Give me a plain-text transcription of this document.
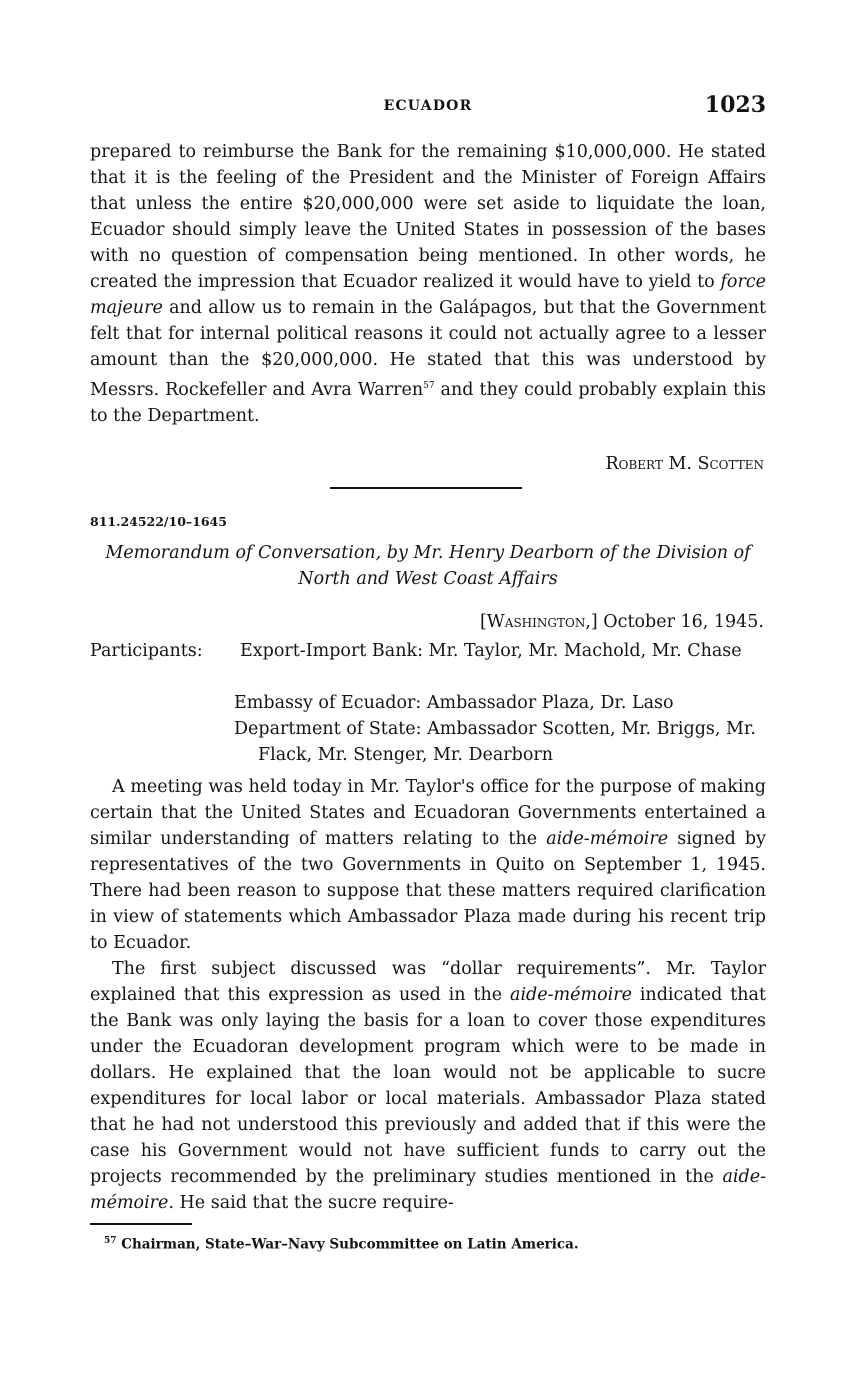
ECUADOR	1023

prepared to reimburse the Bank for the remaining $10,000,000. He stated that it is the feeling of the President and the Minister of Foreign Affairs that unless the entire $20,000,000 were set aside to liquidate the loan, Ecuador should simply leave the United States in possession of the bases with no question of compensation being mentioned. In other words, he created the impression that Ecuador realized it would have to yield to force majeure and allow us to remain in the Galápagos, but that the Government felt that for internal political reasons it could not actually agree to a lesser amount than the $20,000,000. He stated that this was understood by Messrs. Rockefeller and Avra Warren$^{57}$ and they could probably explain this to the Department.

Robert M. Scotten
811.24522/10–1645

Memorandum of Conversation, by Mr. Henry Dearborn of the Division of North and West Coast Affairs

[Washington,] October 16, 1945.
Participants: Export-Import Bank: Mr. Taylor, Mr. Machold, Mr. Chase
Embassy of Ecuador: Ambassador Plaza, Dr. Laso
Department of State: Ambassador Scotten, Mr. Briggs, Mr. Flack, Mr. Stenger, Mr. Dearborn

A meeting was held today in Mr. Taylor's office for the purpose of making certain that the United States and Ecuadoran Governments entertained a similar understanding of matters relating to the aide-mémoire signed by representatives of the two Governments in Quito on September 1, 1945. There had been reason to suppose that these matters required clarification in view of statements which Ambassador Plaza made during his recent trip to Ecuador.

The first subject discussed was “dollar requirements”. Mr. Taylor explained that this expression as used in the aide-mémoire indicated that the Bank was only laying the basis for a loan to cover those expenditures under the Ecuadoran development program which were to be made in dollars. He explained that the loan would not be applicable to sucre expenditures for local labor or local materials. Ambassador Plaza stated that he had not understood this previously and added that if this were the case his Government would not have sufficient funds to carry out the projects recommended by the preliminary studies mentioned in the aide-mémoire. He said that the sucre require-

$^{57}$ Chairman, State–War–Navy Subcommittee on Latin America.
